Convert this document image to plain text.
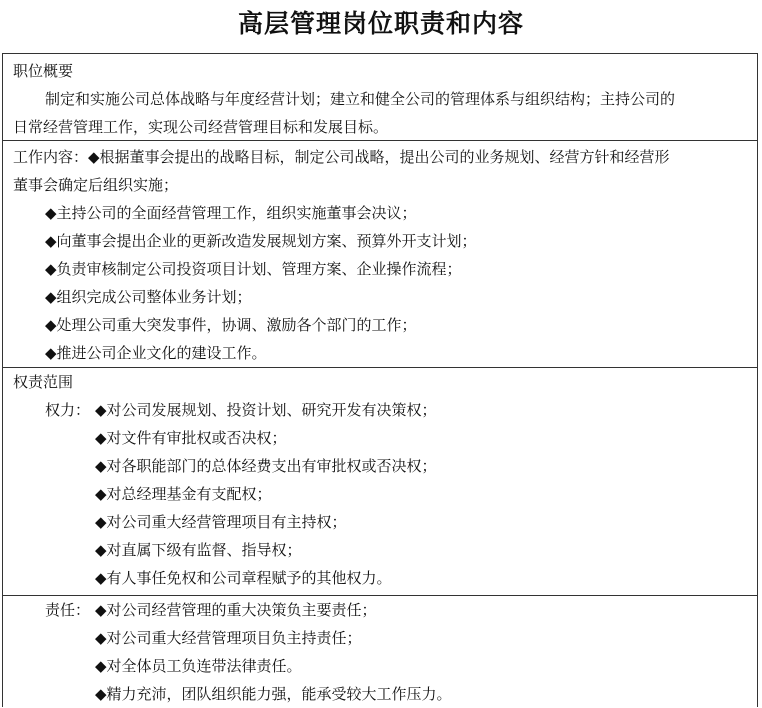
高层管理岗位职责和内容
职位概要
制定和实施公司总体战略与年度经营计划；建立和健全公司的管理体系与组织结构；主持公司的
日常经营管理工作，实现公司经营管理目标和发展目标。
工作内容：◆根据董事会提出的战略目标，制定公司战略，提出公司的业务规划、经营方针和经营形
董事会确定后组织实施；
◆主持公司的全面经营管理工作，组织实施董事会决议；
◆向董事会提出企业的更新改造发展规划方案、预算外开支计划；
◆负责审核制定公司投资项目计划、管理方案、企业操作流程；
◆组织完成公司整体业务计划；
◆处理公司重大突发事件，协调、激励各个部门的工作；
◆推进公司企业文化的建设工作。
权责范围
权力： ◆对公司发展规划、投资计划、研究开发有决策权；
◆对文件有审批权或否决权；
◆对各职能部门的总体经费支出有审批权或否决权；
◆对总经理基金有支配权；
◆对公司重大经营管理项目有主持权；
◆对直属下级有监督、指导权；
◆有人事任免权和公司章程赋予的其他权力。
责任： ◆对公司经营管理的重大决策负主要责任；
◆对公司重大经营管理项目负主持责任；
◆对全体员工负连带法律责任。
◆精力充沛，团队组织能力强，能承受较大工作压力。
